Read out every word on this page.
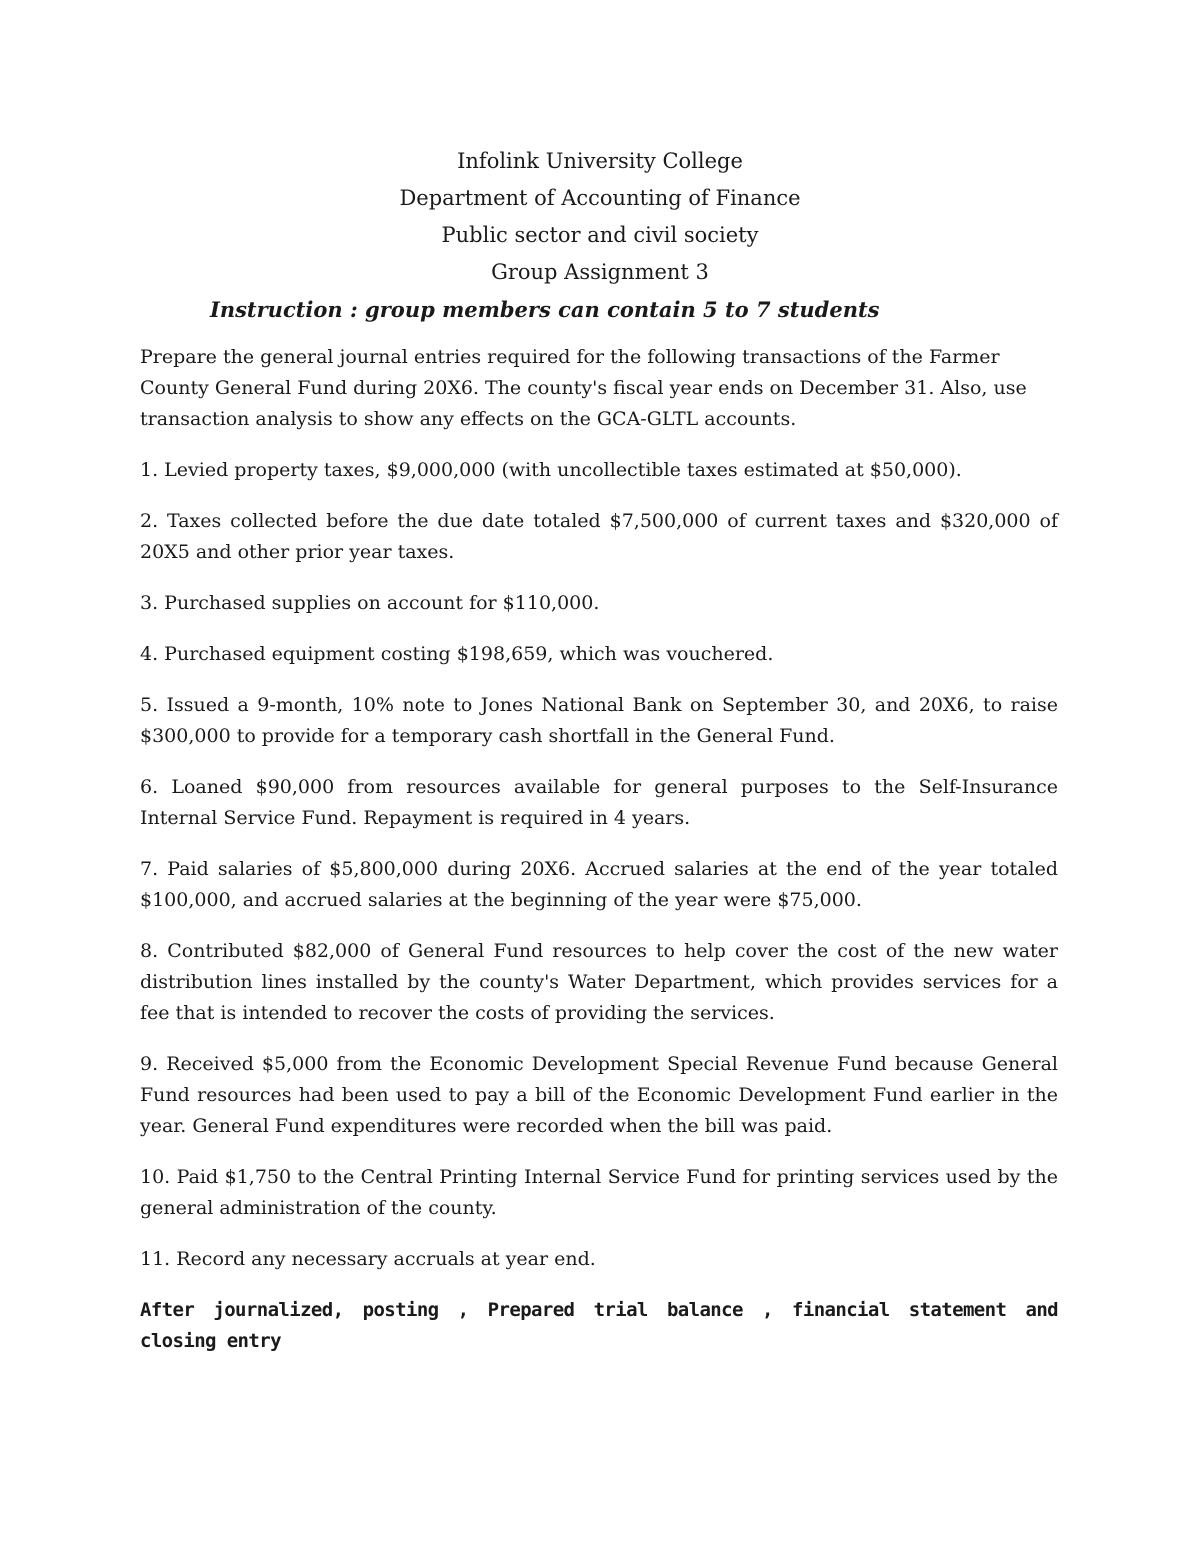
Infolink University College
Department of Accounting of Finance
Public sector and civil society
Group Assignment 3
Instruction : group members can contain 5 to 7 students

Prepare the general journal entries required for the following transactions of the Farmer County General Fund during 20X6. The county's fiscal year ends on December 31. Also, use transaction analysis to show any effects on the GCA-GLTL accounts.

1. Levied property taxes, $9,000,000 (with uncollectible taxes estimated at $50,000).

2. Taxes collected before the due date totaled $7,500,000 of current taxes and $320,000 of 20X5 and other prior year taxes.

3. Purchased supplies on account for $110,000.

4. Purchased equipment costing $198,659, which was vouchered.

5. Issued a 9-month, 10% note to Jones National Bank on September 30, and 20X6, to raise $300,000 to provide for a temporary cash shortfall in the General Fund.

6. Loaned $90,000 from resources available for general purposes to the Self-Insurance Internal Service Fund. Repayment is required in 4 years.

7. Paid salaries of $5,800,000 during 20X6. Accrued salaries at the end of the year totaled $100,000, and accrued salaries at the beginning of the year were $75,000.

8. Contributed $82,000 of General Fund resources to help cover the cost of the new water distribution lines installed by the county's Water Department, which provides services for a fee that is intended to recover the costs of providing the services.

9. Received $5,000 from the Economic Development Special Revenue Fund because General Fund resources had been used to pay a bill of the Economic Development Fund earlier in the year. General Fund expenditures were recorded when the bill was paid.

10. Paid $1,750 to the Central Printing Internal Service Fund for printing services used by the general administration of the county.

11. Record any necessary accruals at year end.

After journalized, posting , Prepared trial balance , financial statement and closing entry
